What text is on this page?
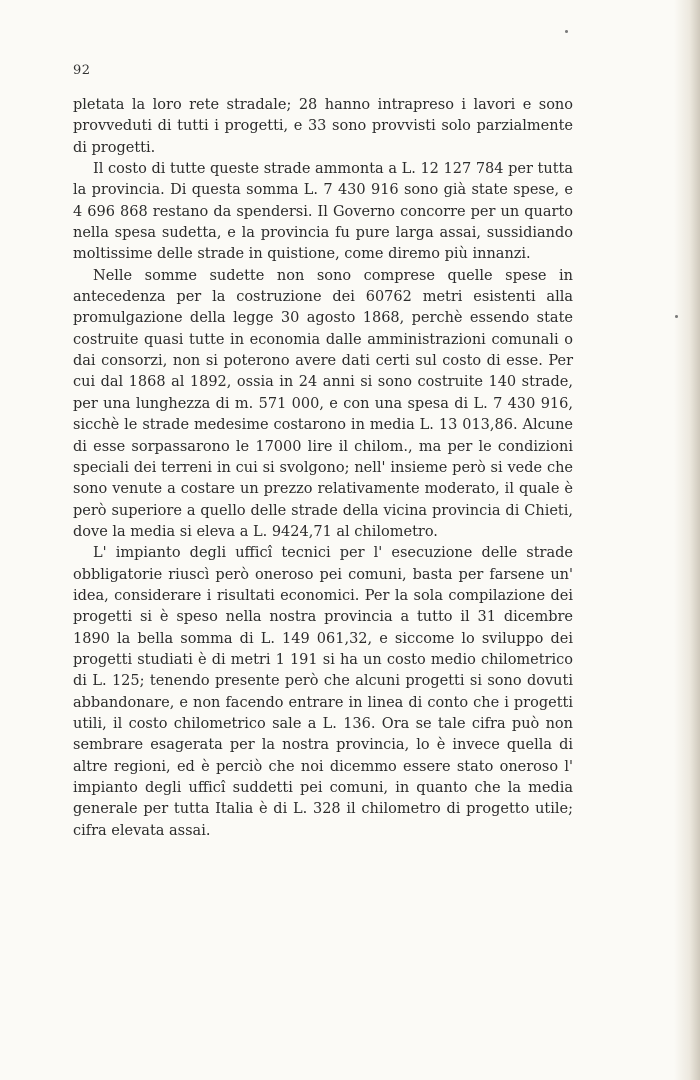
92

pletata la loro rete stradale; 28 hanno intrapreso i lavori e sono provveduti di tutti i progetti, e 33 sono provvisti solo parzialmente di progetti.

Il costo di tutte queste strade ammonta a L. 12 127 784 per tutta la provincia. Di questa somma L. 7 430 916 sono già state spese, e 4 696 868 restano da spendersi. Il Governo concorre per un quarto nella spesa sudetta, e la provincia fu pure larga assai, sussidiando moltissime delle strade in quistione, come diremo più innanzi.

Nelle somme sudette non sono comprese quelle spese in antecedenza per la costruzione dei 60762 metri esistenti alla promulgazione della legge 30 agosto 1868, perchè essendo state costruite quasi tutte in economia dalle amministrazioni comunali o dai consorzi, non si poterono avere dati certi sul costo di esse. Per cui dal 1868 al 1892, ossia in 24 anni si sono costruite 140 strade, per una lunghezza di m. 571 000, e con una spesa di L. 7 430 916, sicchè le strade medesime costarono in media L. 13 013,86. Alcune di esse sorpassarono le 17000 lire il chilom., ma per le condizioni speciali dei terreni in cui si svolgono; nell' insieme però si vede che sono venute a costare un prezzo relativamente moderato, il quale è però superiore a quello delle strade della vicina provincia di Chieti, dove la media si eleva a L. 9424,71 al chilometro.

L' impianto degli ufficî tecnici per l' esecuzione delle strade obbligatorie riuscì però oneroso pei comuni, basta per farsene un' idea, considerare i risultati economici. Per la sola compilazione dei progetti si è speso nella nostra provincia a tutto il 31 dicembre 1890 la bella somma di L. 149 061,32, e siccome lo sviluppo dei progetti studiati è di metri 1 191 si ha un costo medio chilometrico di L. 125; tenendo presente però che alcuni progetti si sono dovuti abbandonare, e non facendo entrare in linea di conto che i progetti utili, il costo chilometrico sale a L. 136. Ora se tale cifra può non sembrare esagerata per la nostra provincia, lo è invece quella di altre regioni, ed è perciò che noi dicemmo essere stato oneroso l' impianto degli ufficî suddetti pei comuni, in quanto che la media generale per tutta Italia è di L. 328 il chilometro di progetto utile; cifra elevata assai.
